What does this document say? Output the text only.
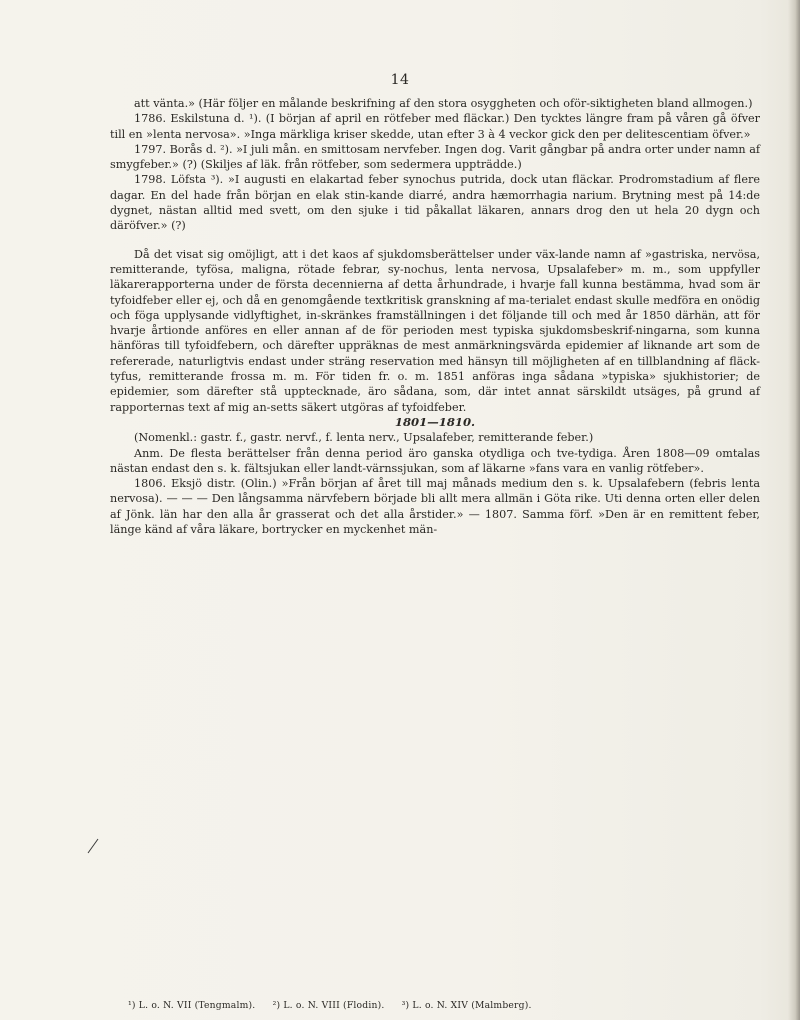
14

att vänta.» (Här följer en målande beskrifning af den stora osyggheten och oför-siktigheten bland allmogen.)

1786. Eskilstuna d. ¹). (I början af april en rötfeber med fläckar.) Den tycktes längre fram på våren gå öfver till en »lenta nervosa». »Inga märkliga kriser skedde, utan efter 3 à 4 veckor gick den per delitescentiam öfver.»

1797. Borås d. ²). »I juli mån. en smittosam nervfeber. Ingen dog. Varit gångbar på andra orter under namn af smygfeber.» (?) (Skiljes af läk. från rötfeber, som sedermera uppträdde.)

1798. Löfsta ³). »I augusti en elakartad feber synochus putrida, dock utan fläckar. Prodromstadium af flere dagar. En del hade från början en elak stin-kande diarré, andra hæmorrhagia narium. Brytning mest på 14:de dygnet, nästan alltid med svett, om den sjuke i tid påkallat läkaren, annars drog den ut hela 20 dygn och däröfver.» (?)

Då det visat sig omöjligt, att i det kaos af sjukdomsberättelser under väx-lande namn af »gastriska, nervösa, remitterande, tyfösa, maligna, rötade febrar, sy-nochus, lenta nervosa, Upsalafeber» m. m., som uppfyller läkarerapporterna under de första decennierna af detta århundrade, i hvarje fall kunna bestämma, hvad som är tyfoidfeber eller ej, och då en genomgående textkritisk granskning af ma-terialet endast skulle medföra en onödig och föga upplysande vidlyftighet, in-skränkes framställningen i det följande till och med år 1850 därhän, att för hvarje årtionde anföres en eller annan af de för perioden mest typiska sjukdomsbeskrif-ningarna, som kunna hänföras till tyfoidfebern, och därefter uppräknas de mest anmärkningsvärda epidemier af liknande art som de refererade, naturligtvis endast under sträng reservation med hänsyn till möjligheten af en tillblandning af fläck-tyfus, remitterande frossa m. m. För tiden fr. o. m. 1851 anföras inga sådana »typiska» sjukhistorier; de epidemier, som därefter stå upptecknade, äro sådana, som, där intet annat särskildt utsäges, på grund af rapporternas text af mig an-setts säkert utgöras af tyfoidfeber.

1801—1810.

(Nomenkl.: gastr. f., gastr. nervf., f. lenta nerv., Upsalafeber, remitterande feber.)

Anm. De flesta berättelser från denna period äro ganska otydliga och tve-tydiga. Åren 1808—09 omtalas nästan endast den s. k. fältsjukan eller landt-värnssjukan, som af läkarne »fans vara en vanlig rötfeber».

1806. Eksjö distr. (Olin.) »Från början af året till maj månads medium den s. k. Upsalafebern (febris lenta nervosa). — — — Den långsamma närvfebern började bli allt mera allmän i Göta rike. Uti denna orten eller delen af Jönk. län har den alla år grasserat och det alla årstider.» — 1807. Samma förf. »Den är en remittent feber, länge känd af våra läkare, bortrycker en myckenhet män-

¹) L. o. N. VII (Tengmalm). ²) L. o. N. VIII (Flodin). ³) L. o. N. XIV (Malmberg).
